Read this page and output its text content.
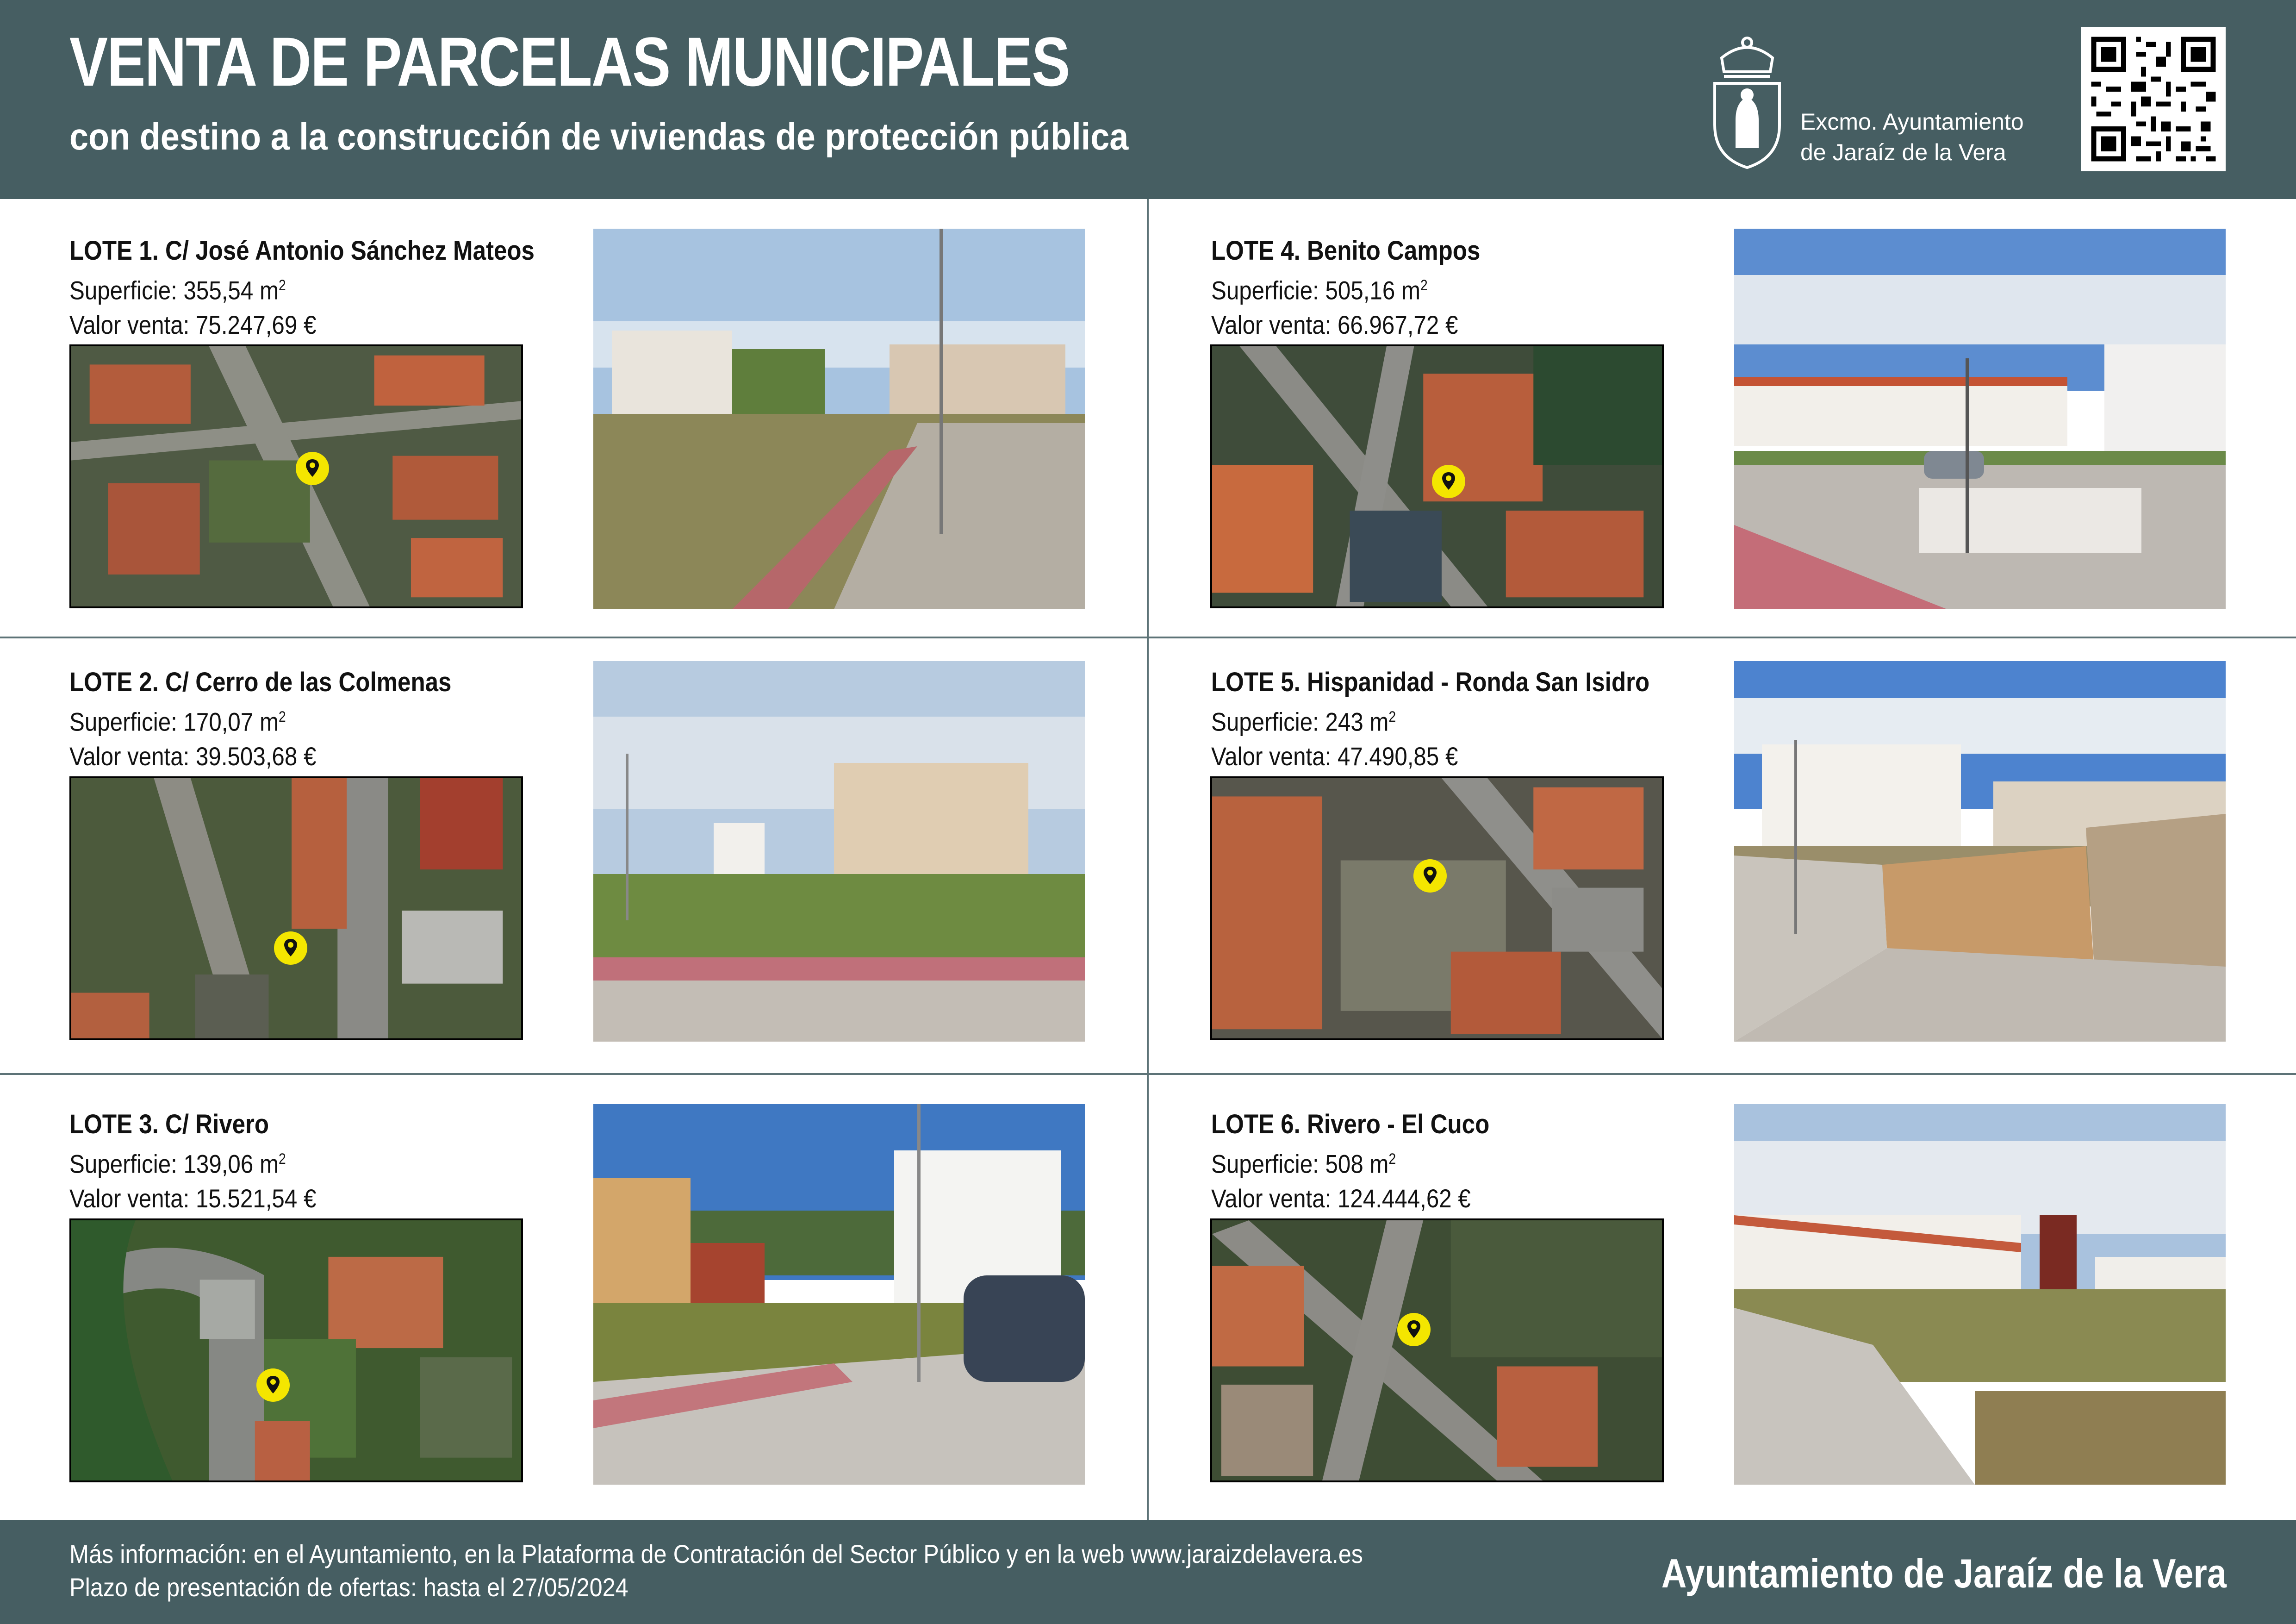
VENTA DE PARCELAS MUNICIPALES
con destino a la construcción de viviendas de protección pública	Excmo. Ayuntamiento
de Jaraíz de la Vera
LOTE 1. C/ José Antonio Sánchez Mateos
Superficie: 355,54 $m^2$
Valor venta: 75.247,69 €
LOTE 2. C/ Cerro de las Colmenas
Superficie: 170,07 $m^2$
Valor venta: 39.503,68 €
LOTE 3. C/ Rivero
Superficie: 139,06 $m^2$
Valor venta: 15.521,54 €
LOTE 4. Benito Campos
Superficie: 505,16 $m^2$
Valor venta: 66.967,72 €
LOTE 5. Hispanidad - Ronda San Isidro
Superficie: 243 $m^2$
Valor venta: 47.490,85 €
LOTE 6. Rivero - El Cuco
Superficie: 508 $m^2$
Valor venta: 124.444,62 €
Más información: en el Ayuntamiento, en la Plataforma de Contratación del Sector Público y en la web www.jaraizdelavera.es
Plazo de presentación de ofertas: hasta el 27/05/2024	Ayuntamiento de Jaraíz de la Vera
